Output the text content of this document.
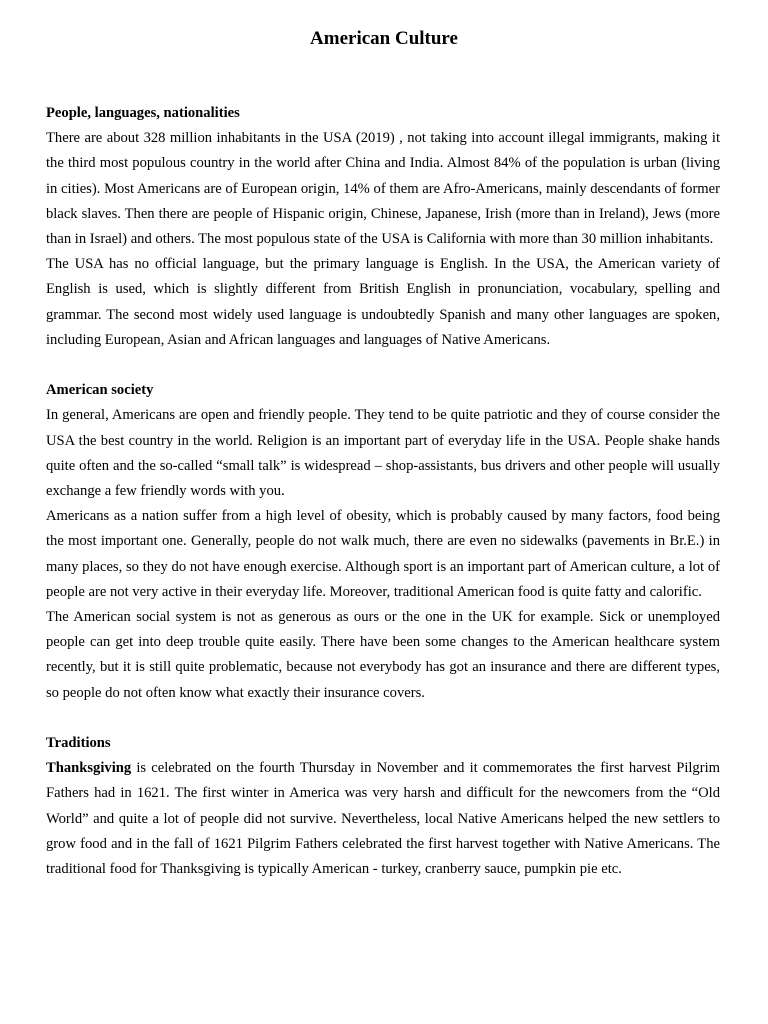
American Culture

People, languages, nationalities

There are about 328 million inhabitants in the USA (2019) , not taking into account illegal immigrants, making it the third most populous country in the world after China and India. Almost 84% of the population is urban (living in cities). Most Americans are of European origin, 14% of them are Afro-Americans, mainly descendants of former black slaves. Then there are people of Hispanic origin, Chinese, Japanese, Irish (more than in Ireland), Jews (more than in Israel) and others. The most populous state of the USA is California with more than 30 million inhabitants.

The USA has no official language, but the primary language is English. In the USA, the American variety of English is used, which is slightly different from British English in pronunciation, vocabulary, spelling and grammar. The second most widely used language is undoubtedly Spanish and many other languages are spoken, including European, Asian and African languages and languages of Native Americans.

American society

In general, Americans are open and friendly people. They tend to be quite patriotic and they of course consider the USA the best country in the world. Religion is an important part of everyday life in the USA. People shake hands quite often and the so-called “small talk” is widespread – shop-assistants, bus drivers and other people will usually exchange a few friendly words with you.

Americans as a nation suffer from a high level of obesity, which is probably caused by many factors, food being the most important one. Generally, people do not walk much, there are even no sidewalks (pavements in Br.E.) in many places, so they do not have enough exercise. Although sport is an important part of American culture, a lot of people are not very active in their everyday life. Moreover, traditional American food is quite fatty and calorific.

The American social system is not as generous as ours or the one in the UK for example. Sick or unemployed people can get into deep trouble quite easily. There have been some changes to the American healthcare system recently, but it is still quite problematic, because not everybody has got an insurance and there are different types, so people do not often know what exactly their insurance covers.

Traditions

Thanksgiving is celebrated on the fourth Thursday in November and it commemorates the first harvest Pilgrim Fathers had in 1621. The first winter in America was very harsh and difficult for the newcomers from the “Old World” and quite a lot of people did not survive. Nevertheless, local Native Americans helped the new settlers to grow food and in the fall of 1621 Pilgrim Fathers celebrated the first harvest together with Native Americans. The traditional food for Thanksgiving is typically American - turkey, cranberry sauce, pumpkin pie etc.
